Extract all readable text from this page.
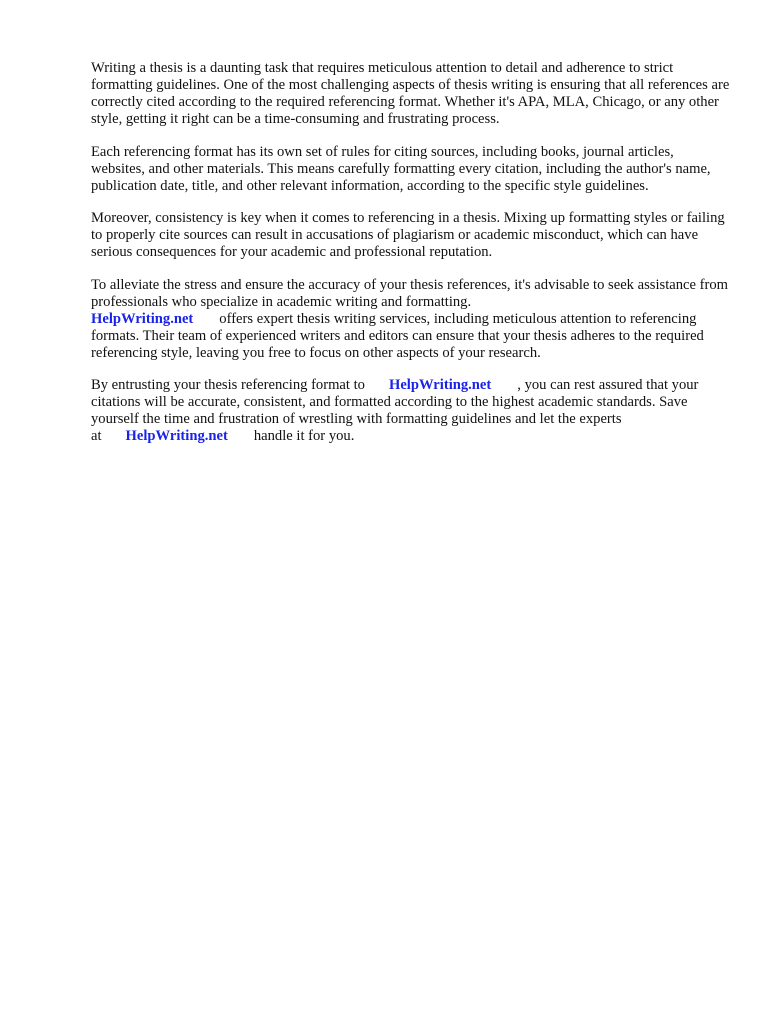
Writing a thesis is a daunting task that requires meticulous attention to detail and adherence to strict formatting guidelines. One of the most challenging aspects of thesis writing is ensuring that all references are correctly cited according to the required referencing format. Whether it's APA, MLA, Chicago, or any other style, getting it right can be a time-consuming and frustrating process.

Each referencing format has its own set of rules for citing sources, including books, journal articles, websites, and other materials. This means carefully formatting every citation, including the author's name, publication date, title, and other relevant information, according to the specific style guidelines.

Moreover, consistency is key when it comes to referencing in a thesis. Mixing up formatting styles or failing to properly cite sources can result in accusations of plagiarism or academic misconduct, which can have serious consequences for your academic and professional reputation.

To alleviate the stress and ensure the accuracy of your thesis references, it's advisable to seek assistance from professionals who specialize in academic writing and formatting.
HelpWriting.net offers expert thesis writing services, including meticulous attention to referencing formats. Their team of experienced writers and editors can ensure that your thesis adheres to the required referencing style, leaving you free to focus on other aspects of your research.

By entrusting your thesis referencing format to HelpWriting.net , you can rest assured that your citations will be accurate, consistent, and formatted according to the highest academic standards. Save yourself the time and frustration of wrestling with formatting guidelines and let the experts at HelpWriting.net handle it for you.
